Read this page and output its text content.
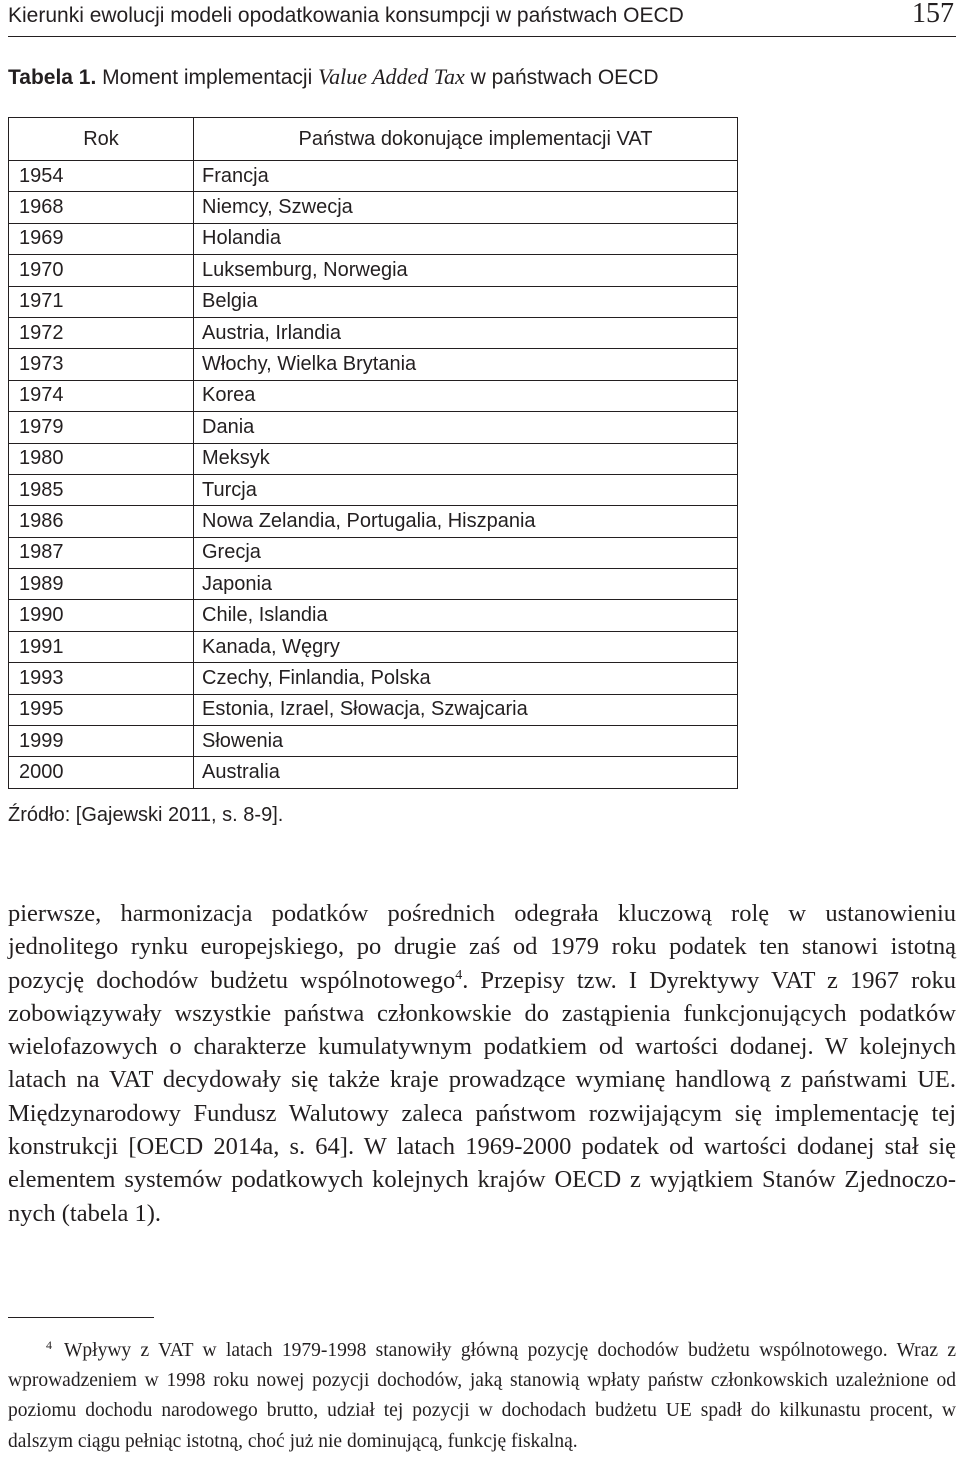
Kierunki ewolucji modeli opodatkowania konsumpcji w państwach OECD	157
Tabela 1. Moment implementacji Value Added Tax w państwach OECD
Rok	Państwa dokonujące implementacji VAT
1954	Francja
1968	Niemcy, Szwecja
1969	Holandia
1970	Luksemburg, Norwegia
1971	Belgia
1972	Austria, Irlandia
1973	Włochy, Wielka Brytania
1974	Korea
1979	Dania
1980	Meksyk
1985	Turcja
1986	Nowa Zelandia, Portugalia, Hiszpania
1987	Grecja
1989	Japonia
1990	Chile, Islandia
1991	Kanada, Węgry
1993	Czechy, Finlandia, Polska
1995	Estonia, Izrael, Słowacja, Szwajcaria
1999	Słowenia
2000	Australia
Źródło: [Gajewski 2011, s. 8-9].
pierwsze, harmonizacja podatków pośrednich odegrała kluczową rolę w ustanowieniu jednolitego rynku europejskiego, po drugie zaś od 1979 roku podatek ten stanowi istotną pozycję dochodów budżetu wspólnotowego$^4$. Przepisy tzw. I Dyrektywy VAT z 1967 roku zobowiązywały wszystkie państwa członkowskie do zastąpienia funkcjonujących podatków wielofazowych o charakterze kumulatywnym podatkiem od wartości dodanej. W kolejnych latach na VAT decydowały się także kraje prowadzące wymianę handlową z państwami UE. Międzynarodowy Fundusz Walutowy zaleca państwom rozwijającym się implementację tej konstrukcji [OECD 2014a, s. 64]. W latach 1969-2000 podatek od wartości dodanej stał się elementem systemów podatkowych kolejnych krajów OECD z wyjątkiem Stanów Zjednoczonych (tabela 1).
$^4$ Wpływy z VAT w latach 1979-1998 stanowiły główną pozycję dochodów budżetu wspólnotowego. Wraz z wprowadzeniem w 1998 roku nowej pozycji dochodów, jaką stanowią wpłaty państw członkowskich uzależnione od poziomu dochodu narodowego brutto, udział tej pozycji w dochodach budżetu UE spadł do kilkunastu procent, w dalszym ciągu pełniąc istotną, choć już nie dominującą, funkcję fiskalną.
